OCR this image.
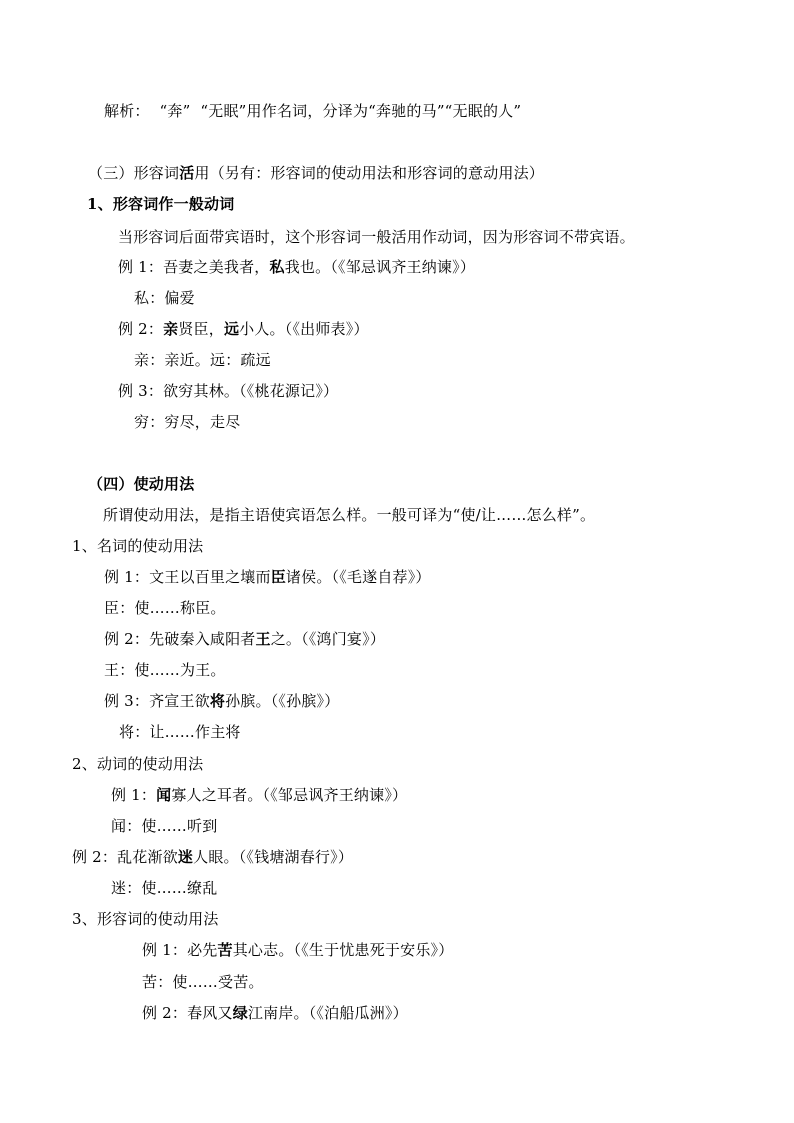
解析：  “奔”  “无眠”用作名词，分译为“奔驰的马”“无眠的人”
（三）形容词活用（另有：形容词的使动用法和形容词的意动用法）
1、形容词作一般动词
当形容词后面带宾语时，这个形容词一般活用作动词，因为形容词不带宾语。
例 1：吾妻之美我者，私我也。（《邹忌讽齐王纳谏》）
私：偏爱
例 2：亲贤臣，远小人。（《出师表》）
亲：亲近。远：疏远
例 3：欲穷其林。（《桃花源记》）
穷：穷尽，走尽
（四）使动用法
所谓使动用法，是指主语使宾语怎么样。一般可译为“使/让……怎么样”。
1、名词的使动用法
例 1：文王以百里之壤而臣诸侯。（《毛遂自荐》）
臣：使……称臣。
例 2：先破秦入咸阳者王之。（《鸿门宴》）
王：使……为王。
例 3：齐宣王欲将孙膑。（《孙膑》）
将：让……作主将
2、动词的使动用法
例 1：闻寡人之耳者。（《邹忌讽齐王纳谏》）
闻：使……听到
例 2：乱花渐欲迷人眼。（《钱塘湖春行》）
迷：使……缭乱
3、形容词的使动用法
例 1：必先苦其心志。（《生于忧患死于安乐》）
苦：使……受苦。
例 2：春风又绿江南岸。（《泊船瓜洲》）
